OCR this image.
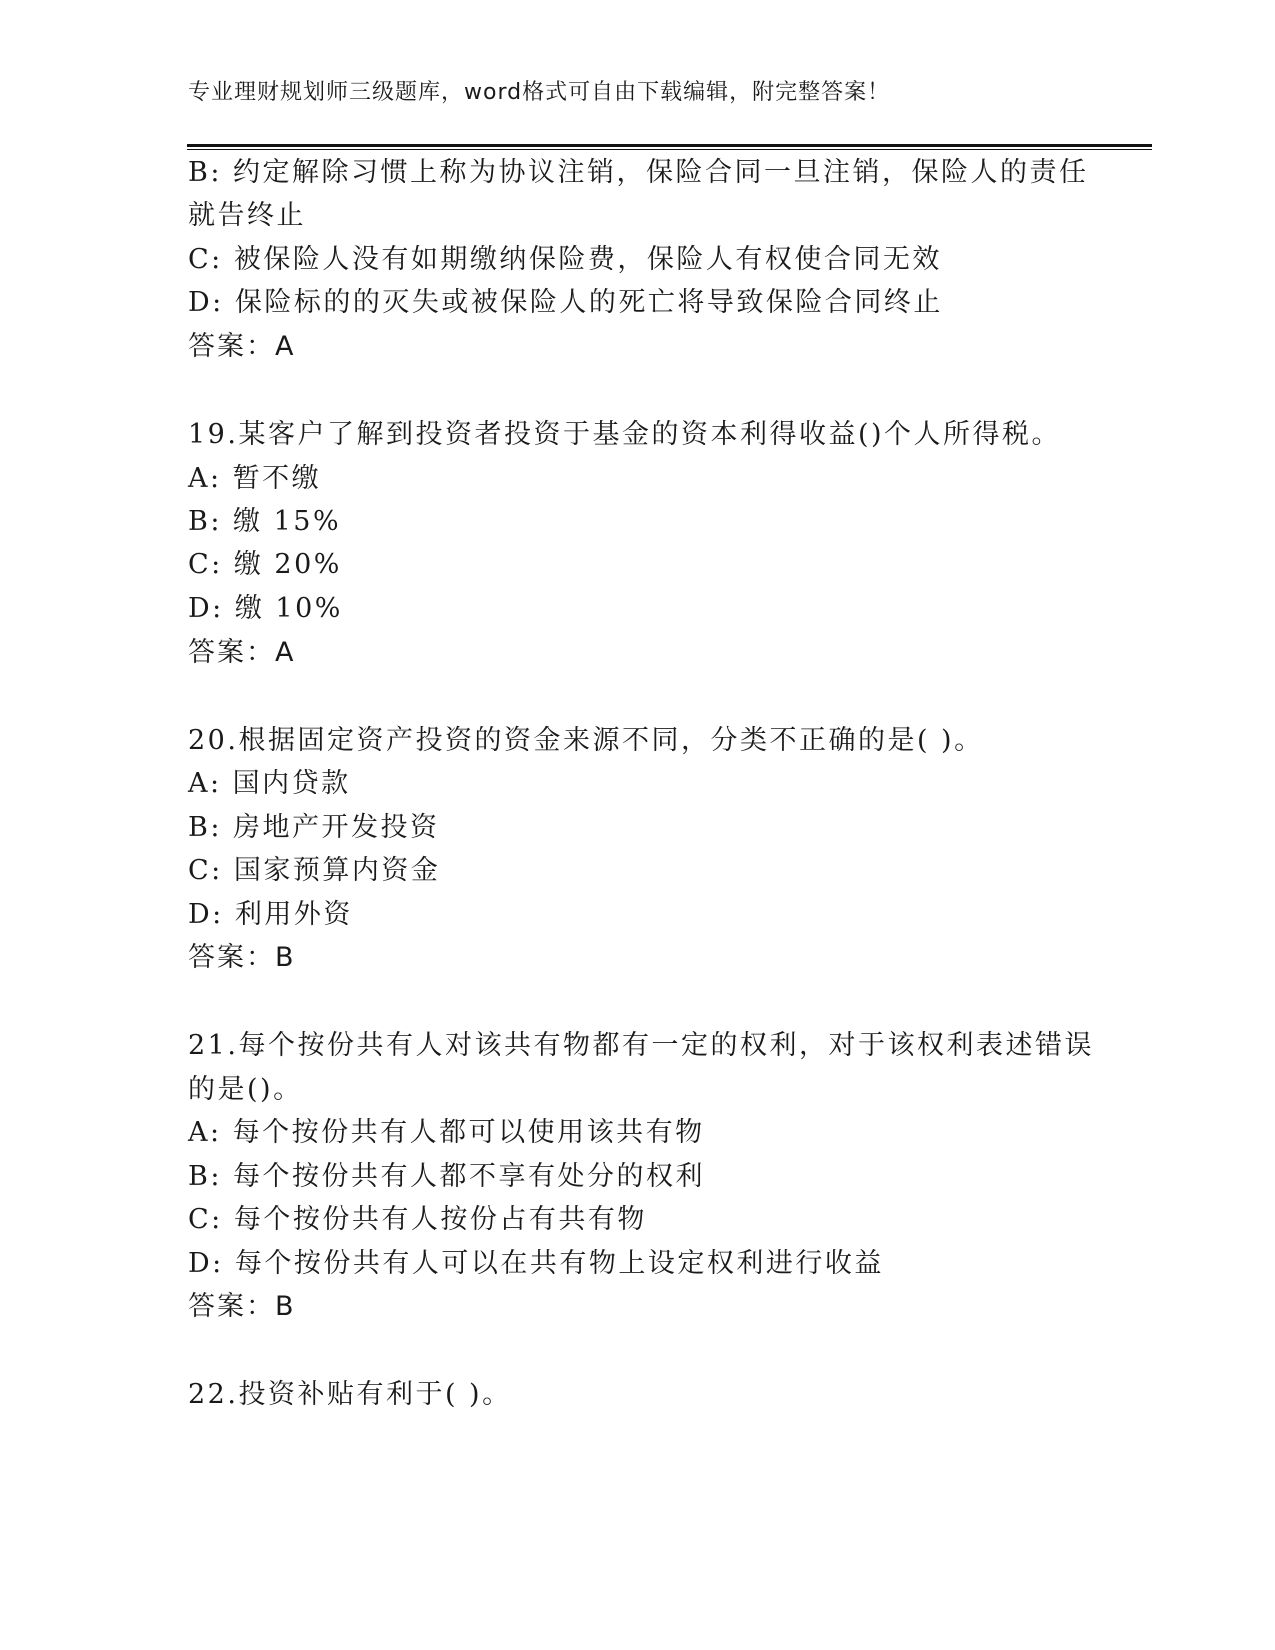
专业理财规划师三级题库，word格式可自由下载编辑，附完整答案！
B: 约定解除习惯上称为协议注销，保险合同一旦注销，保险人的责任
就告终止
C: 被保险人没有如期缴纳保险费，保险人有权使合同无效
D: 保险标的的灭失或被保险人的死亡将导致保险合同终止
答案：A
19.某客户了解到投资者投资于基金的资本利得收益()个人所得税。
A: 暂不缴
B: 缴 15%
C: 缴 20%
D: 缴 10%
答案：A
20.根据固定资产投资的资金来源不同，分类不正确的是( )。
A: 国内贷款
B: 房地产开发投资
C: 国家预算内资金
D: 利用外资
答案：B
21.每个按份共有人对该共有物都有一定的权利，对于该权利表述错误
的是()。
A: 每个按份共有人都可以使用该共有物
B: 每个按份共有人都不享有处分的权利
C: 每个按份共有人按份占有共有物
D: 每个按份共有人可以在共有物上设定权利进行收益
答案：B
22.投资补贴有利于( )。
